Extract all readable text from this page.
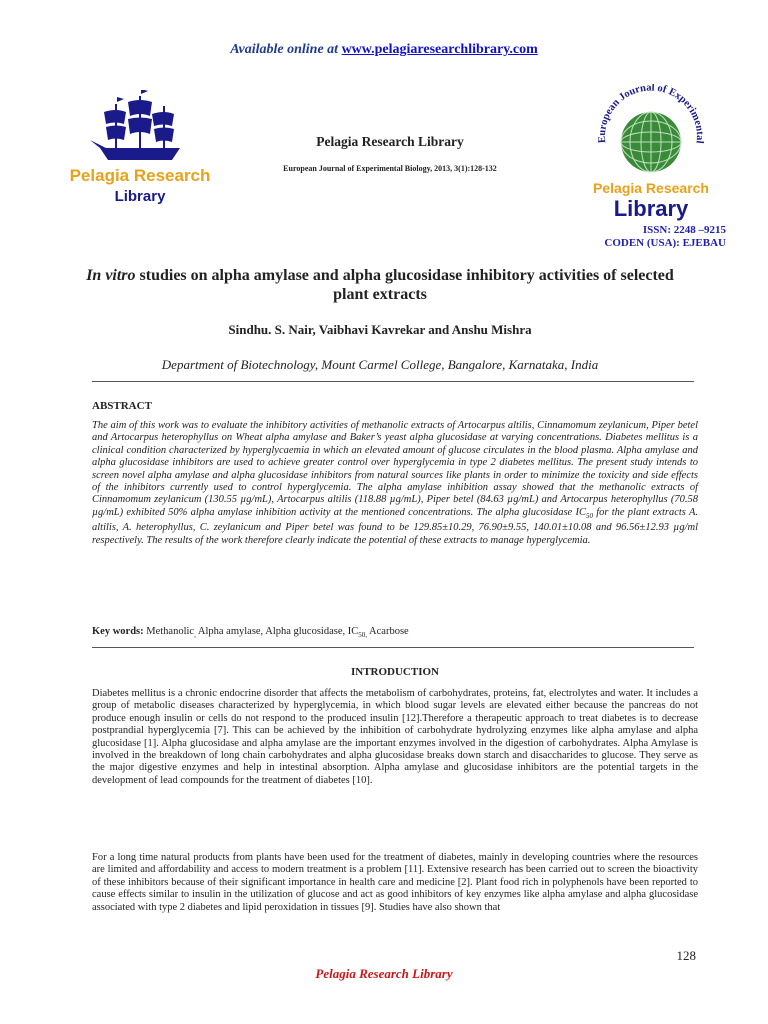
Available online at www.pelagiaresearchlibrary.com
Pelagia Research
Library
Pelagia Research Library
European Journal of Experimental Biology, 2013, 3(1):128-132
European Journal of Experimental
Pelagia Research
Library
ISSN: 2248 –9215
CODEN (USA): EJEBAU
In vitro studies on alpha amylase and alpha glucosidase inhibitory activities of selected plant extracts
Sindhu. S. Nair, Vaibhavi Kavrekar and Anshu Mishra
Department of Biotechnology, Mount Carmel College, Bangalore, Karnataka, India
ABSTRACT
The aim of this work was to evaluate the inhibitory activities of methanolic extracts of Artocarpus altilis, Cinnamomum zeylanicum, Piper betel and Artocarpus heterophyllus on Wheat alpha amylase and Baker’s yeast alpha glucosidase at varying concentrations. Diabetes mellitus is a clinical condition characterized by hyperglycaemia in which an elevated amount of glucose circulates in the blood plasma. Alpha amylase and alpha glucosidase inhibitors are used to achieve greater control over hyperglycemia in type 2 diabetes mellitus. The present study intends to screen novel alpha amylase and alpha glucosidase inhibitors from natural sources like plants in order to minimize the toxicity and side effects of the inhibitors currently used to control hyperglycemia. The alpha amylase inhibition assay showed that the methanolic extracts of Cinnamomum zeylanicum (130.55 µg/mL), Artocarpus altilis (118.88 µg/mL), Piper betel (84.63 µg/mL) and Artocarpus heterophyllus (70.58 µg/mL) exhibited 50% alpha amylase inhibition activity at the mentioned concentrations. The alpha glucosidase $IC_{50}$ for the plant extracts A. altilis, A. heterophyllus, C. zeylanicum and Piper betel was found to be 129.85±10.29, 76.90±9.55, 140.01±10.08 and 96.56±12.93 µg/ml respectively. The results of the work therefore clearly indicate the potential of these extracts to manage hyperglycemia.
Key words: Methanolic$_,$ Alpha amylase, Alpha glucosidase, $IC_{50,}$ Acarbose
INTRODUCTION
Diabetes mellitus is a chronic endocrine disorder that affects the metabolism of carbohydrates, proteins, fat, electrolytes and water. It includes a group of metabolic diseases characterized by hyperglycemia, in which blood sugar levels are elevated either because the pancreas do not produce enough insulin or cells do not respond to the produced insulin [12].Therefore a therapeutic approach to treat diabetes is to decrease postprandial hyperglycemia [7]. This can be achieved by the inhibition of carbohydrate hydrolyzing enzymes like alpha amylase and alpha glucosidase [1]. Alpha glucosidase and alpha amylase are the important enzymes involved in the digestion of carbohydrates. Alpha Amylase is involved in the breakdown of long chain carbohydrates and alpha glucosidase breaks down starch and disaccharides to glucose. They serve as the major digestive enzymes and help in intestinal absorption. Alpha amylase and glucosidase inhibitors are the potential targets in the development of lead compounds for the treatment of diabetes [10].
For a long time natural products from plants have been used for the treatment of diabetes, mainly in developing countries where the resources are limited and affordability and access to modern treatment is a problem [11]. Extensive research has been carried out to screen the bioactivity of these inhibitors because of their significant importance in health care and medicine [2]. Plant food rich in polyphenols have been reported to cause effects similar to insulin in the utilization of glucose and act as good inhibitors of key enzymes like alpha amylase and alpha glucosidase associated with type 2 diabetes and lipid peroxidation in tissues [9]. Studies have also shown that
128
Pelagia Research Library
